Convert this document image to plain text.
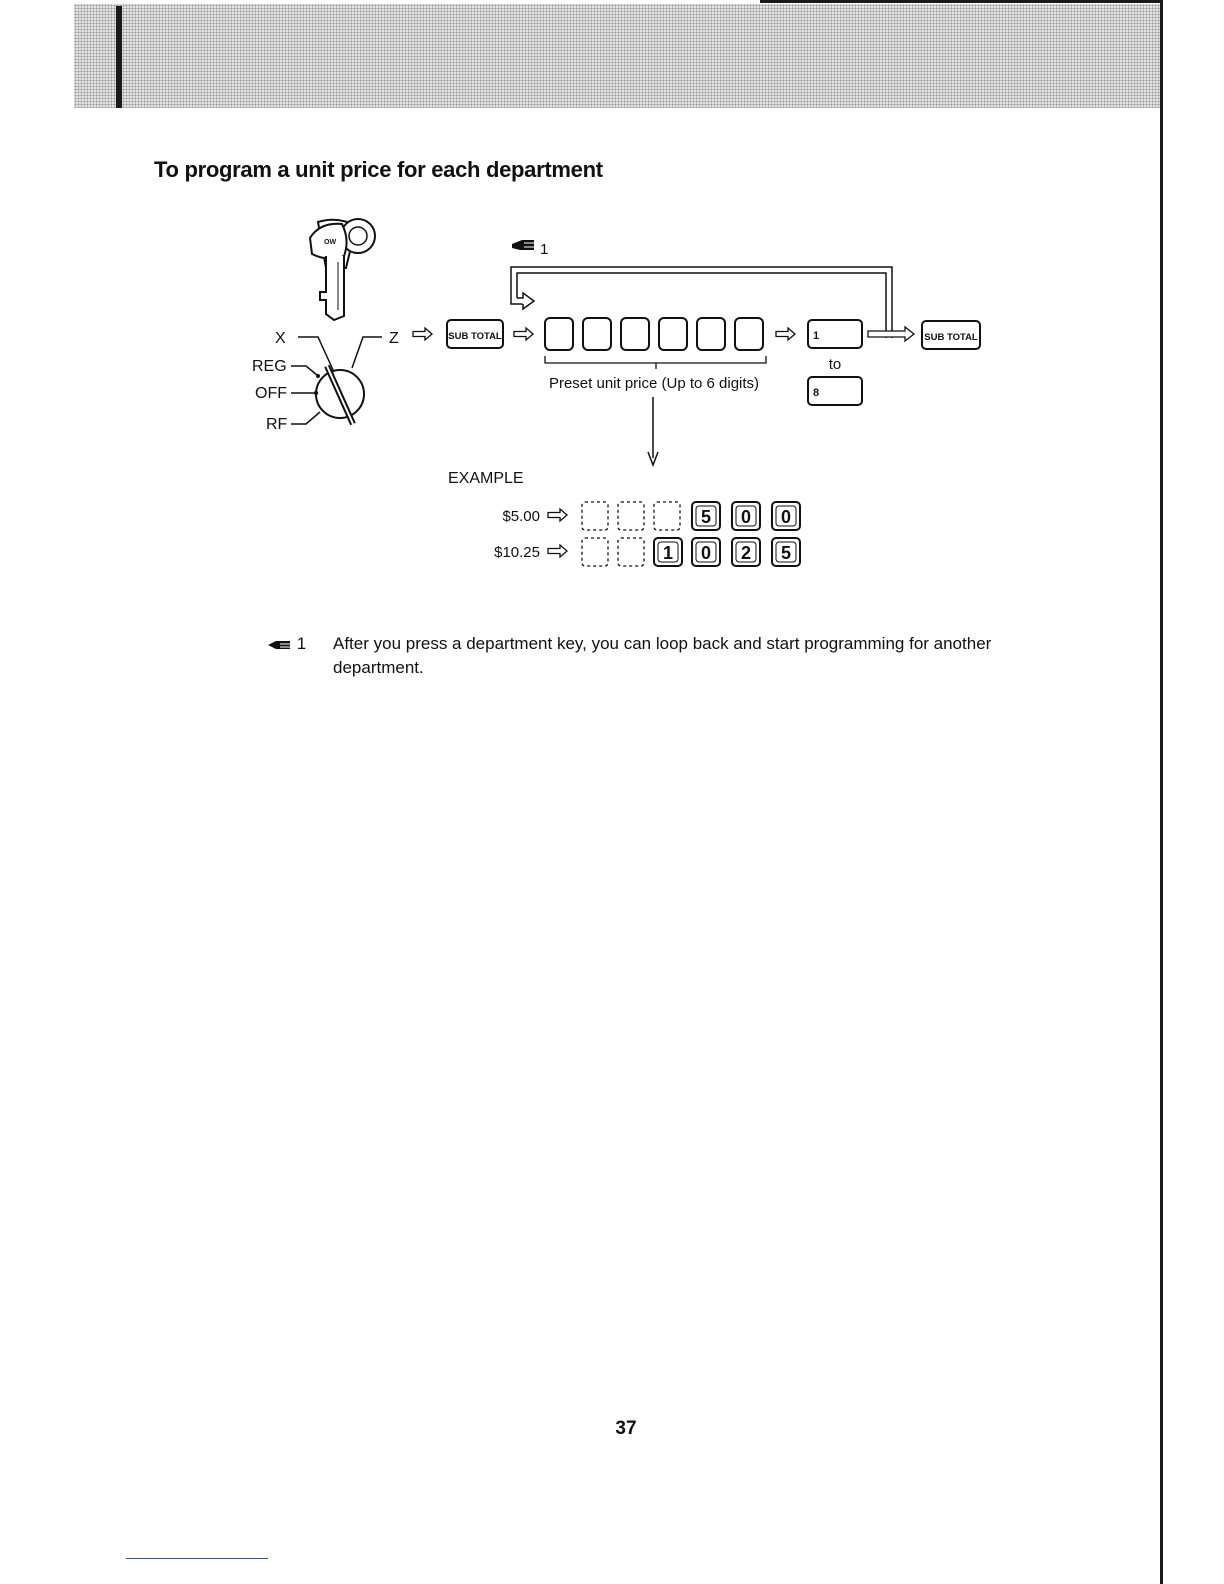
To program a unit price for each department
OW
X	Z
REG
OFF
RF
1
SUB TOTAL
Preset unit price (Up to 6 digits)
1
to
8
SUB TOTAL
EXAMPLE
$5.00	5 0 0
$10.25	1 0 2 5
1	After you press a department key, you can loop back and start programming for another department.
37
